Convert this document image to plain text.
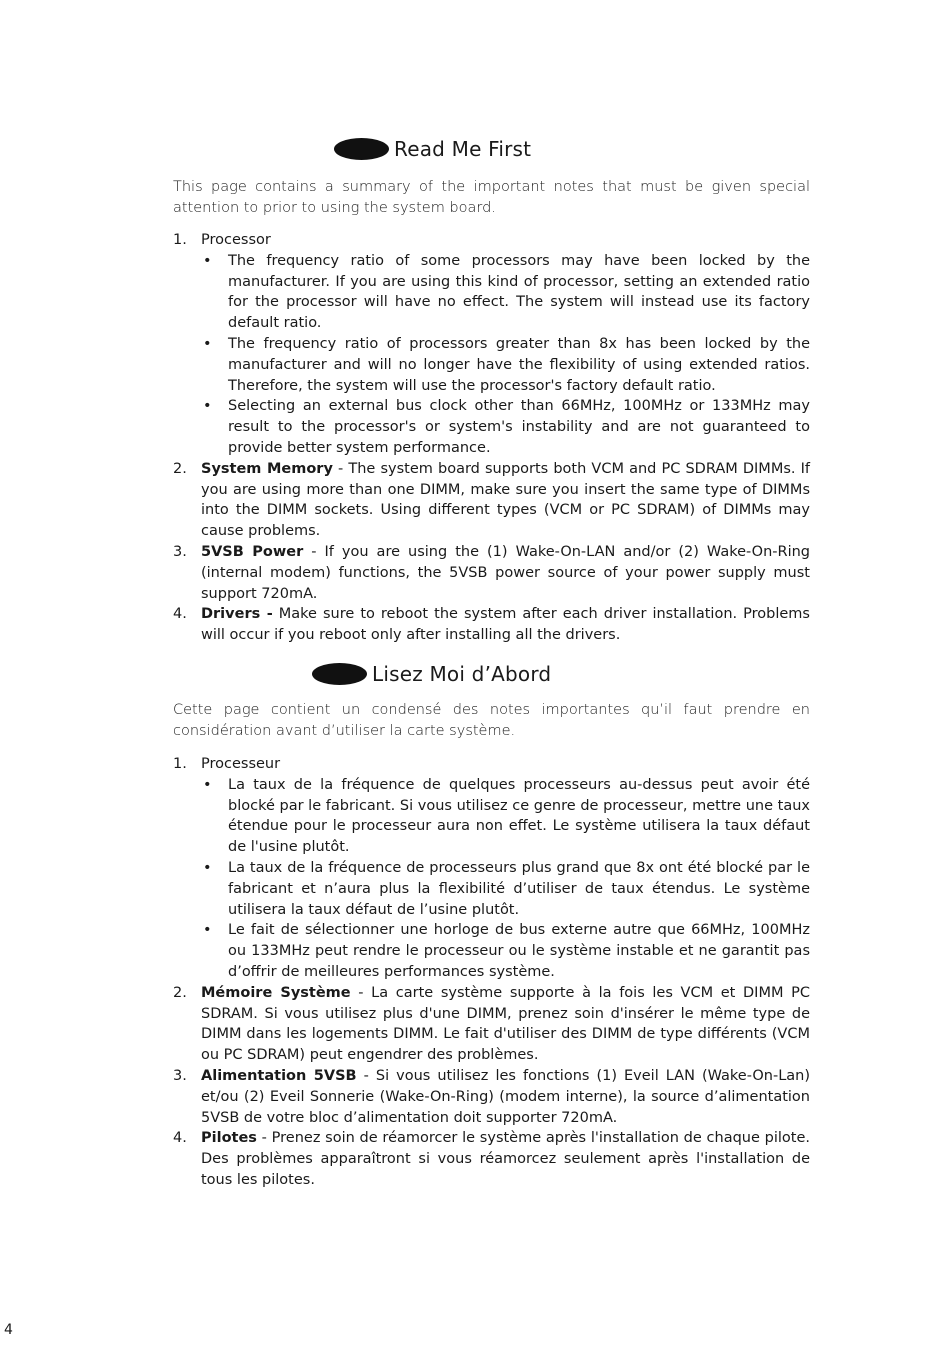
Read Me First

This page contains a summary of the important notes that must be given special attention to prior to using the system board.

1. Processor
• The frequency ratio of some processors may have been locked by the manufacturer. If you are using this kind of processor, setting an extended ratio for the processor will have no effect. The system will instead use its factory default ratio.
• The frequency ratio of processors greater than 8x has been locked by the manufacturer and will no longer have the flexibility of using extended ratios. Therefore, the system will use the processor's factory default ratio.
• Selecting an external bus clock other than 66MHz, 100MHz or 133MHz may result to the processor's or system's instability and are not guaranteed to provide better system performance.
2. System Memory - The system board supports both VCM and PC SDRAM DIMMs. If you are using more than one DIMM, make sure you insert the same type of DIMMs into the DIMM sockets. Using different types (VCM or PC SDRAM) of DIMMs may cause problems.
3. 5VSB Power - If you are using the (1) Wake-On-LAN and/or (2) Wake-On-Ring (internal modem) functions, the 5VSB power source of your power supply must support 720mA.
4. Drivers - Make sure to reboot the system after each driver installation. Problems will occur if you reboot only after installing all the drivers.
Lisez Moi d’Abord

Cette page contient un condensé des notes importantes qu’il faut prendre en considération avant d’utiliser la carte système.

1. Processeur
• La taux de la fréquence de quelques processeurs au-dessus peut avoir été blocké par le fabricant. Si vous utilisez ce genre de processeur, mettre une taux étendue pour le processeur aura non effet. Le système utilisera la taux défaut de l'usine plutôt.
• La taux de la fréquence de processeurs plus grand que 8x ont été blocké par le fabricant et n’aura plus la flexibilité d’utiliser de taux étendus. Le système utilisera la taux défaut de l’usine plutôt.
• Le fait de sélectionner une horloge de bus externe autre que 66MHz, 100MHz ou 133MHz peut rendre le processeur ou le système instable et ne garantit pas d’offrir de meilleures performances système.
2. Mémoire Système - La carte système supporte à la fois les VCM et DIMM PC SDRAM. Si vous utilisez plus d'une DIMM, prenez soin d'insérer le même type de DIMM dans les logements DIMM. Le fait d'utiliser des DIMM de type différents (VCM ou PC SDRAM) peut engendrer des problèmes.
3. Alimentation 5VSB - Si vous utilisez les fonctions (1) Eveil LAN (Wake-On-Lan) et/ou (2) Eveil Sonnerie (Wake-On-Ring) (modem interne), la source d’alimentation 5VSB de votre bloc d’alimentation doit supporter 720mA.
4. Pilotes - Prenez soin de réamorcer le système après l'installation de chaque pilote. Des problèmes apparaîtront si vous réamorcez seulement après l'installation de tous les pilotes.
4
